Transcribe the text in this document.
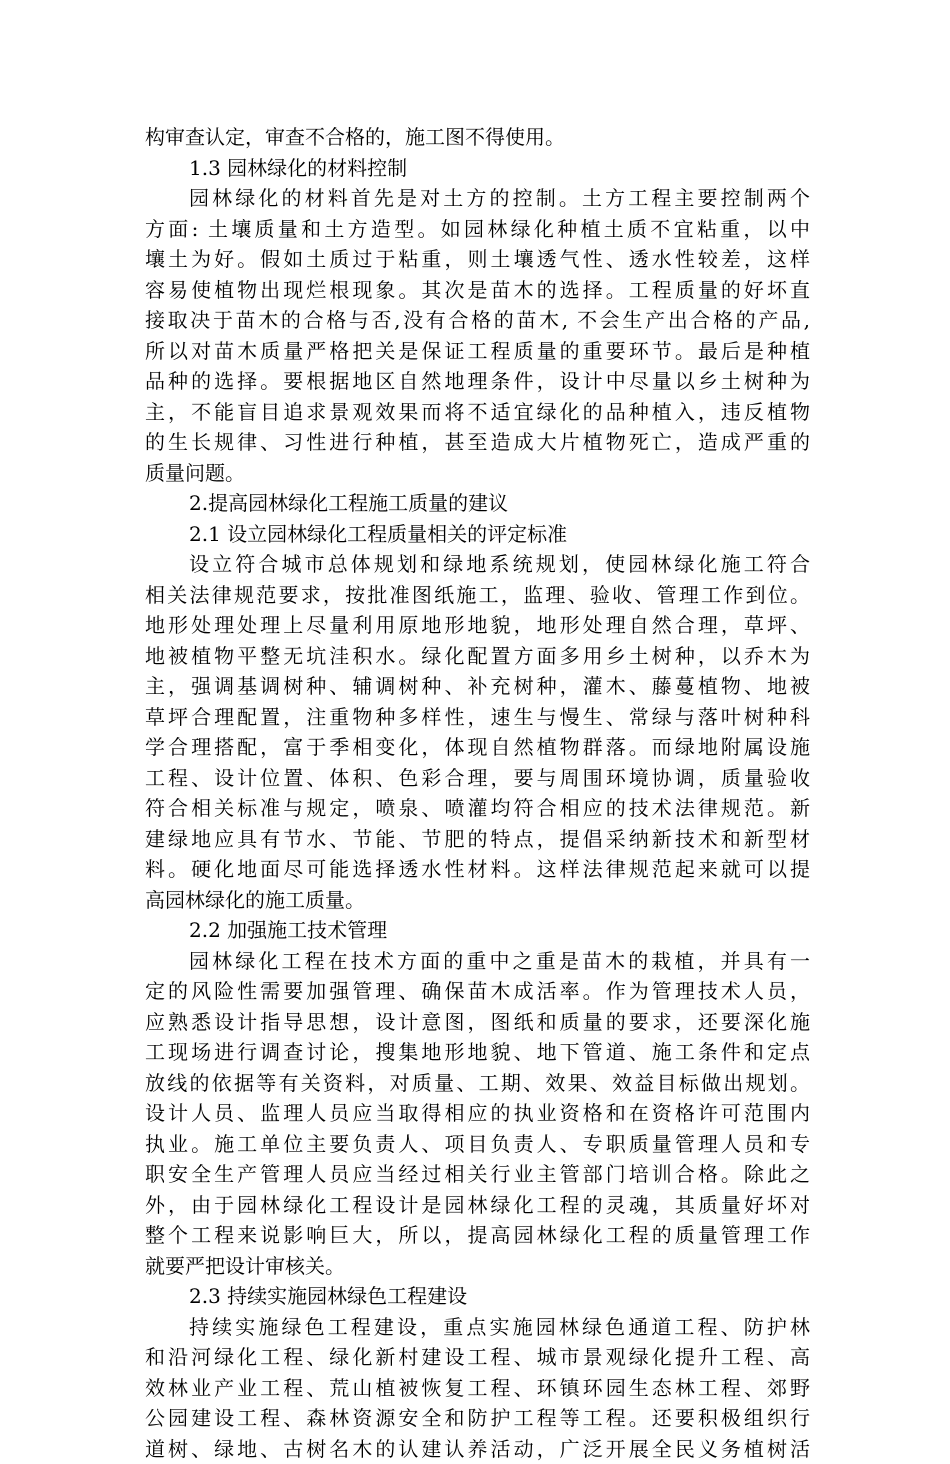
构审查认定，审查不合格的，施工图不得使用。
1.3 园林绿化的材料控制
园林绿化的材料首先是对土方的控制。土方工程主要控制两个
方面: 土壤质量和土方造型。如园林绿化种植土质不宜粘重，以中
壤土为好。假如土质过于粘重，则土壤透气性、透水性较差，这样
容易使植物出现烂根现象。其次是苗木的选择。工程质量的好坏直
接取决于苗木的合格与否,没有合格的苗木, 不会生产出合格的产品,
所以对苗木质量严格把关是保证工程质量的重要环节。最后是种植
品种的选择。要根据地区自然地理条件，设计中尽量以乡土树种为
主，不能盲目追求景观效果而将不适宜绿化的品种植入，违反植物
的生长规律、习性进行种植，甚至造成大片植物死亡，造成严重的
质量问题。
2.提高园林绿化工程施工质量的建议
2.1 设立园林绿化工程质量相关的评定标准
设立符合城市总体规划和绿地系统规划，使园林绿化施工符合
相关法律规范要求，按批准图纸施工，监理、验收、管理工作到位。
地形处理处理上尽量利用原地形地貌，地形处理自然合理，草坪、
地被植物平整无坑洼积水。绿化配置方面多用乡土树种，以乔木为
主，强调基调树种、辅调树种、补充树种，灌木、藤蔓植物、地被
草坪合理配置，注重物种多样性，速生与慢生、常绿与落叶树种科
学合理搭配，富于季相变化，体现自然植物群落。而绿地附属设施
工程、设计位置、体积、色彩合理，要与周围环境协调，质量验收
符合相关标准与规定，喷泉、喷灌均符合相应的技术法律规范。新
建绿地应具有节水、节能、节肥的特点，提倡采纳新技术和新型材
料。硬化地面尽可能选择透水性材料。这样法律规范起来就可以提
高园林绿化的施工质量。
2.2 加强施工技术管理
园林绿化工程在技术方面的重中之重是苗木的栽植，并具有一
定的风险性需要加强管理、确保苗木成活率。作为管理技术人员，
应熟悉设计指导思想，设计意图，图纸和质量的要求，还要深化施
工现场进行调查讨论，搜集地形地貌、地下管道、施工条件和定点
放线的依据等有关资料，对质量、工期、效果、效益目标做出规划。
设计人员、监理人员应当取得相应的执业资格和在资格许可范围内
执业。施工单位主要负责人、项目负责人、专职质量管理人员和专
职安全生产管理人员应当经过相关行业主管部门培训合格。除此之
外，由于园林绿化工程设计是园林绿化工程的灵魂，其质量好坏对
整个工程来说影响巨大，所以，提高园林绿化工程的质量管理工作
就要严把设计审核关。
2.3 持续实施园林绿色工程建设
持续实施绿色工程建设，重点实施园林绿色通道工程、防护林
和沿河绿化工程、绿化新村建设工程、城市景观绿化提升工程、高
效林业产业工程、荒山植被恢复工程、环镇环园生态林工程、郊野
公园建设工程、森林资源安全和防护工程等工程。还要积极组织行
道树、绿地、古树名木的认建认养活动，广泛开展全民义务植树活
